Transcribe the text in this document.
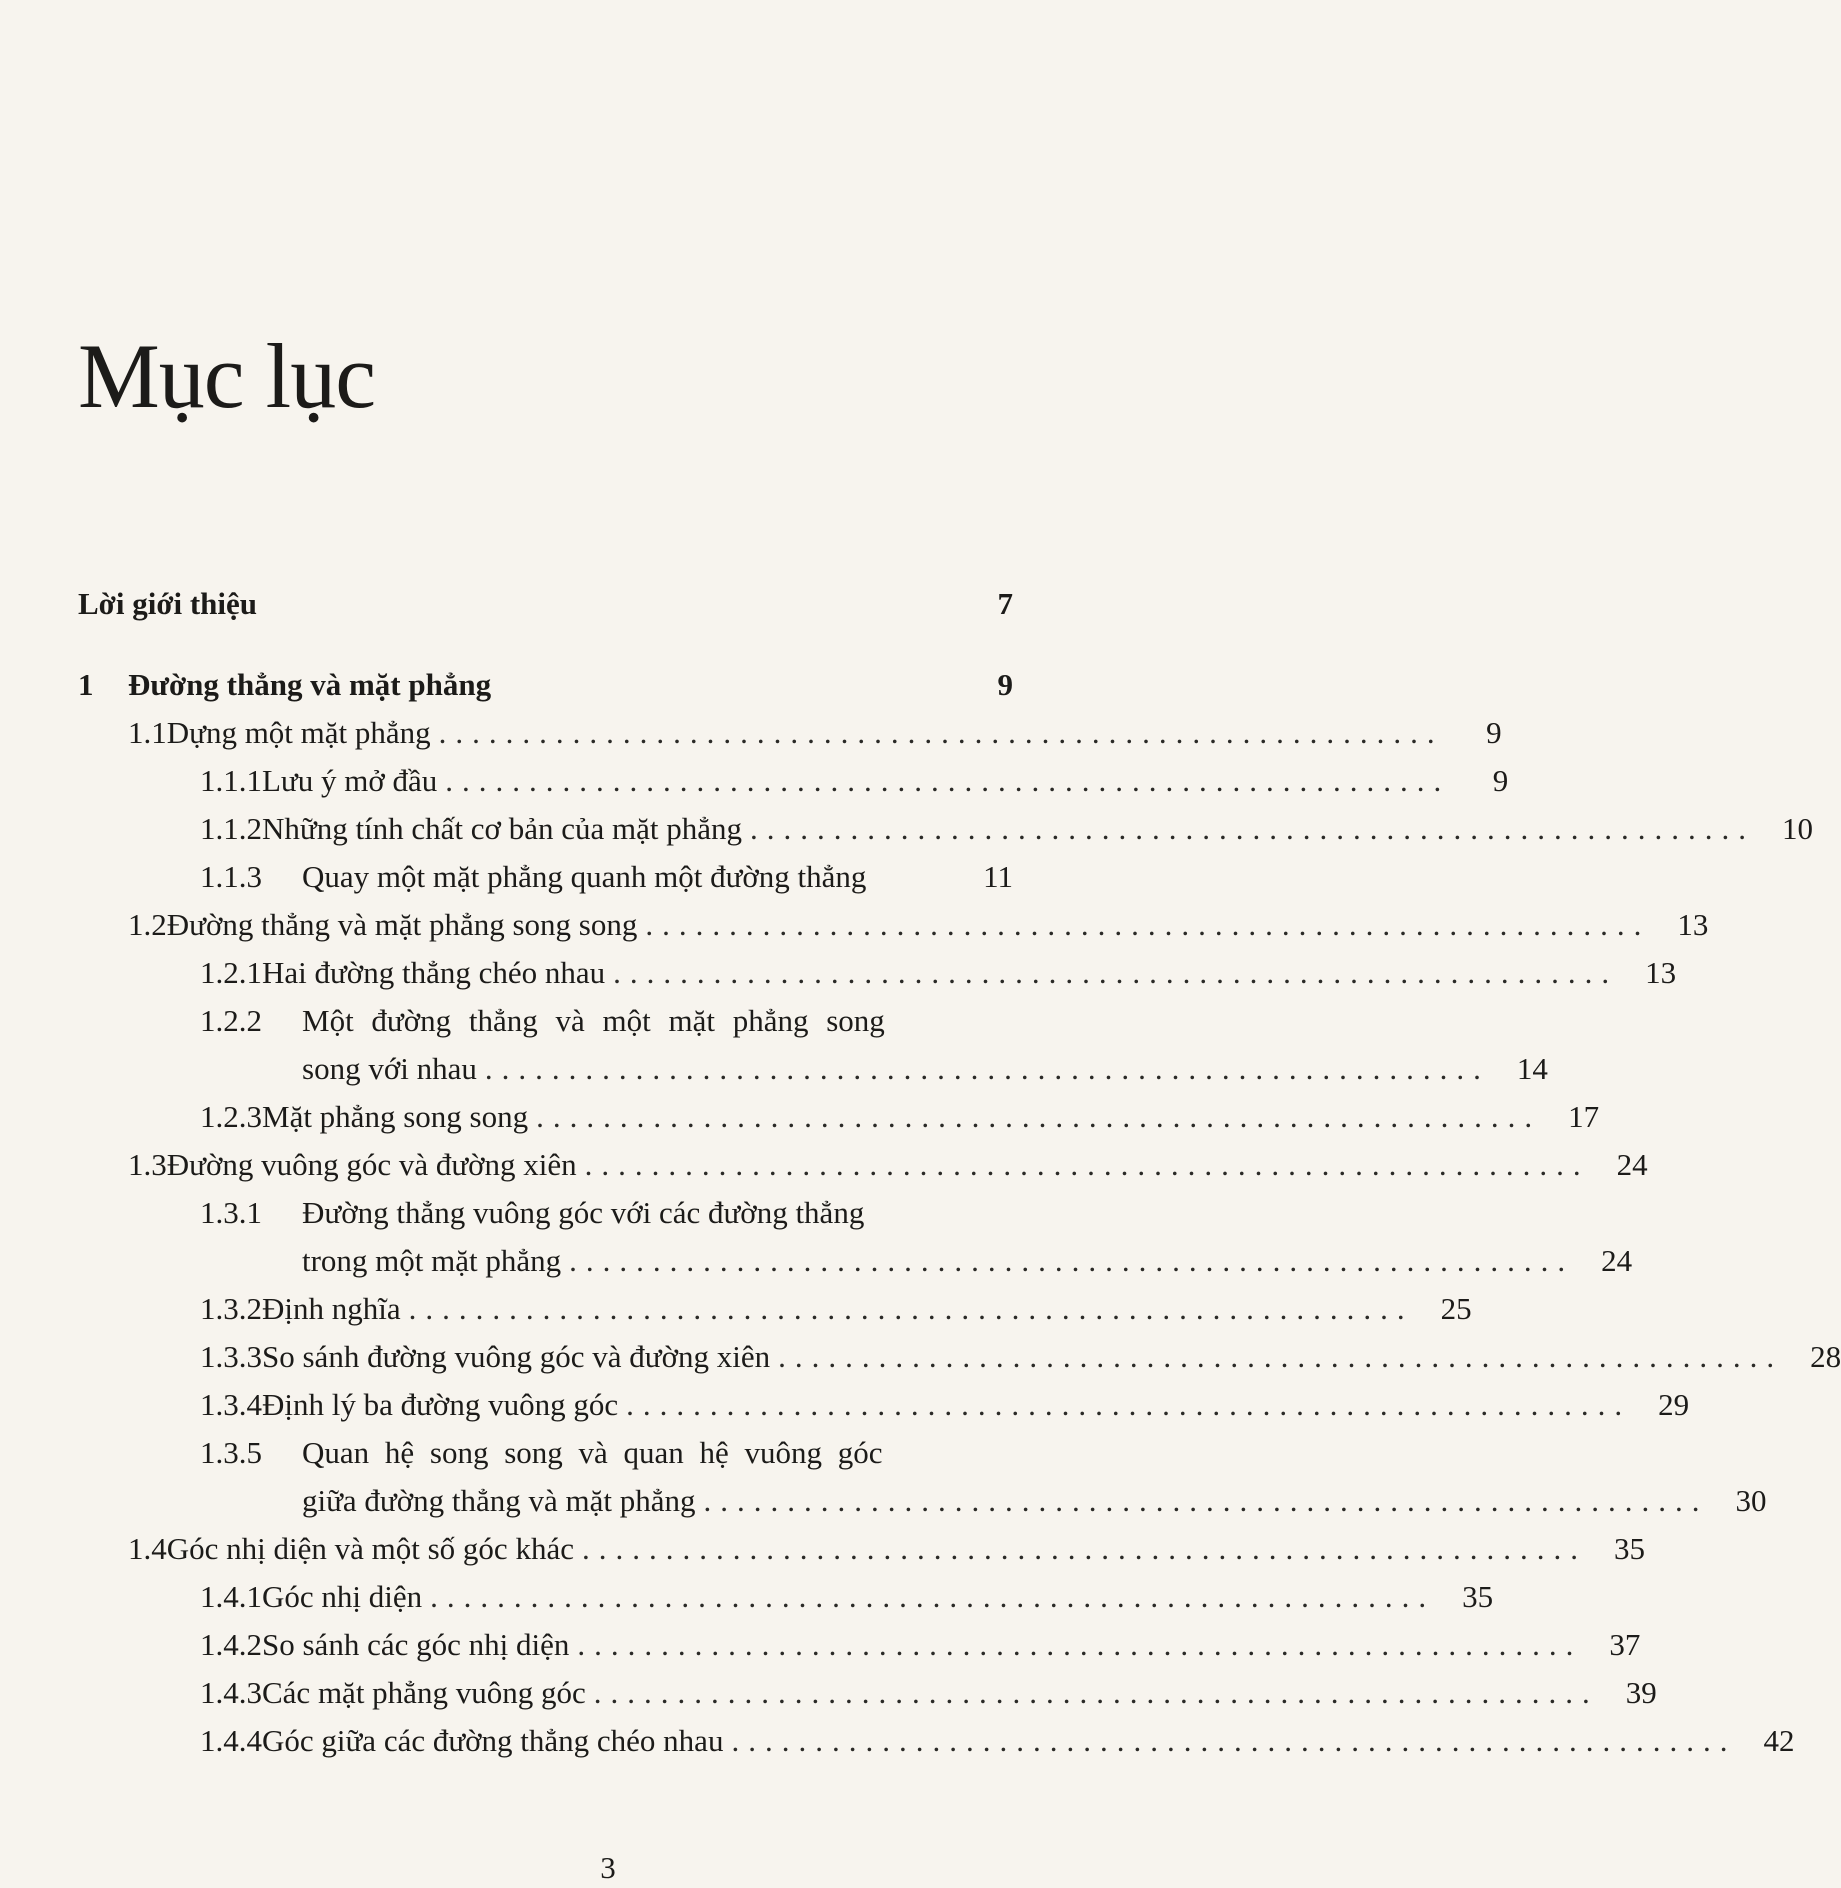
Mục lục
Lời giới thiệu	7
1	Đường thẳng và mặt phẳng	9
1.1 Dựng một mặt phẳng ............................................................	9
1.1.1 Lưu ý mở đầu ............................................................	9
1.1.2 Những tính chất cơ bản của mặt phẳng ............................................................ 10
1.1.3	Quay một mặt phẳng quanh một đường thẳng	11
1.2 Đường thẳng và mặt phẳng song song ............................................................ 13
1.2.1 Hai đường thẳng chéo nhau ............................................................ 13
1.2.2	Một đường thẳng và một mặt phẳng song
song với nhau ............................................................ 14
1.2.3 Mặt phẳng song song ............................................................ 17
1.3 Đường vuông góc và đường xiên ............................................................ 24
1.3.1	Đường thẳng vuông góc với các đường thẳng
trong một mặt phẳng ............................................................ 24
1.3.2 Định nghĩa ............................................................ 25
1.3.3 So sánh đường vuông góc và đường xiên ............................................................ 28
1.3.4 Định lý ba đường vuông góc ............................................................ 29
1.3.5	Quan hệ song song và quan hệ vuông góc
giữa đường thẳng và mặt phẳng ............................................................ 30
1.4 Góc nhị diện và một số góc khác ............................................................ 35
1.4.1 Góc nhị diện ............................................................ 35
1.4.2 So sánh các góc nhị diện ............................................................ 37
1.4.3 Các mặt phẳng vuông góc ............................................................ 39
1.4.4 Góc giữa các đường thẳng chéo nhau ............................................................ 42
3
